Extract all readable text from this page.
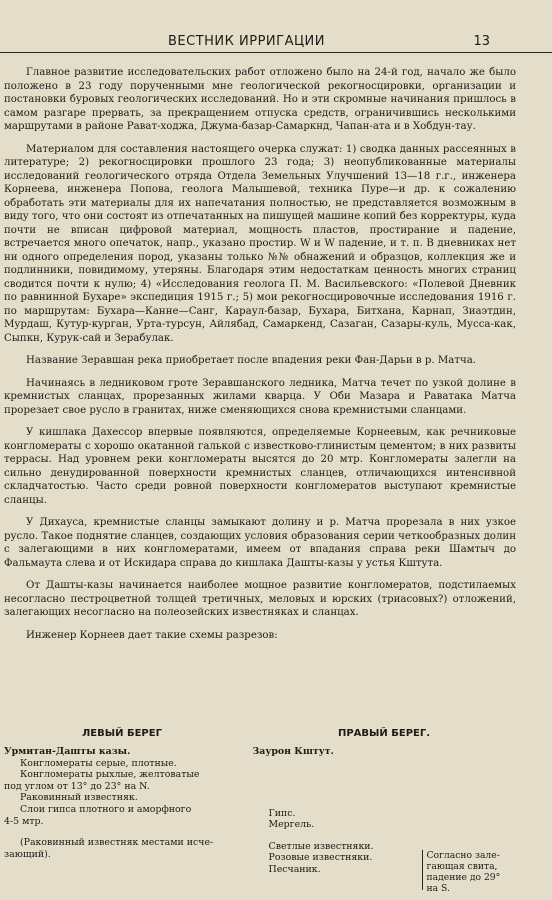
ВЕСТНИК ИРРИГАЦИИ	13

Главное развитие исследовательских работ отложено было на 24-й год, начало же было положено в 23 году порученными мне геологической рекогносцировки, организации и постановки буровых геологических исследований. Но и эти скромные начинания пришлось в самом разгаре прервать, за прекращением отпуска средств, ограничившись несколькими маршрутами в районе Рават-ходжа, Джума-базар-Самаркнд, Чапан-ата и в Хобдун-тау.

Материалом для составления настоящего очерка служат: 1) сводка данных рассеянных в литературе; 2) рекогносцировки прошлого 23 года; 3) неопубликованные материалы исследований геологического отряда Отдела Земельных Улучшений 13—18 г.г., инженера Корнеева, инженера Попова, геолога Малышевой, техника Пуре—и др. к сожалению обработать эти материалы для их напечатания полностью, не представляется возможным в виду того, что они состоят из отпечатанных на пишущей машине копий без корректуры, куда почти не вписан цифровой материал, мощность пластов, простирание и падение, встречается много опечаток, напр., указано простир. W и W падение, и т. п. В дневниках нет ни одного определения пород, указаны только №№ обнажений и образцов, коллекция же и подлинники, повидимому, утеряны. Благодаря этим недостаткам ценность многих страниц сводится почти к нулю; 4) «Исследования геолога П. М. Васильевского: «Полевой Дневник по равнинной Бухаре» экспедиция 1915 г.; 5) мои рекогносцировочные исследования 1916 г. по маршрутам: Бухара—Канне—Санг, Караул-базар, Бухара, Битхана, Карнап, Зиаэтдин, Мурдаш, Кутур-курган, Урта-турсун, Айлябад, Самаркенд, Сазаган, Сазары-куль, Мусса-как, Сыпкн, Курук-сай и Зерабулак.

Название Зеравшан река приобретает после впадения реки Фан-Дарьи в р. Матча.

Начинаясь в ледниковом гроте Зеравшанского ледника, Матча течет по узкой долине в кремнистых сланцах, прорезанных жилами кварца. У Оби Мазара и Раватака Матча прорезает свое русло в гранитах, ниже сменяющихся снова кремнистыми сланцами.

У кишлака Дахессор впервые появляются, определяемые Корнеевым, как речниковые конгломераты с хорошо окатанной галькой с известково-глинистым цементом; в них развиты террасы. Над уровнем реки конгломераты высятся до 20 мтр. Конгломераты залегли на сильно денудированной поверхности кремнистых сланцев, отличающихся интенсивной складчатостью. Часто среди ровной поверхности конгломератов выступают кремнистые сланцы.

У Дихауса, кремнистые сланцы замыкают долину и р. Матча прорезала в них узкое русло. Такое поднятие сланцев, создающих условия образования серии четкообразных долин с залегающими в них конгломератами, имеем от впадания справа реки Шамтыч до Фальмаута слева и от Искидара справа до кишлака Дашты-казы у устья Кштута.

От Дашты-казы начинается наиболее мощное развитие конгломератов, подстилаемых несогласно пестроцветной толщей третичных, меловых и юрских (триасовых?) отложений, залегающих несогласно на полеозейских известняках и сланцах.

Инженер Корнеев дает такие схемы разрезов:

ЛЕВЫЙ БЕРЕГ	ПРАВЫЙ БЕРЕГ.
Урмитан-Дашты казы.
Конгломераты серые, плотные.
Конгломераты рыхлые, желтоватые
под углом от 13° до 23° на N.
Раковинный известняк.
Слои гипса плотного и аморфного
4-5 мтр.
(Раковинный известняк местами исче-
зающий).
Заурон Кштут.
Гипс.
Мергель.
Светлые известняки.
Розовые известняки.
Песчаник.
Согласно зале-
гающая свита,
падение до 29°
на S.
